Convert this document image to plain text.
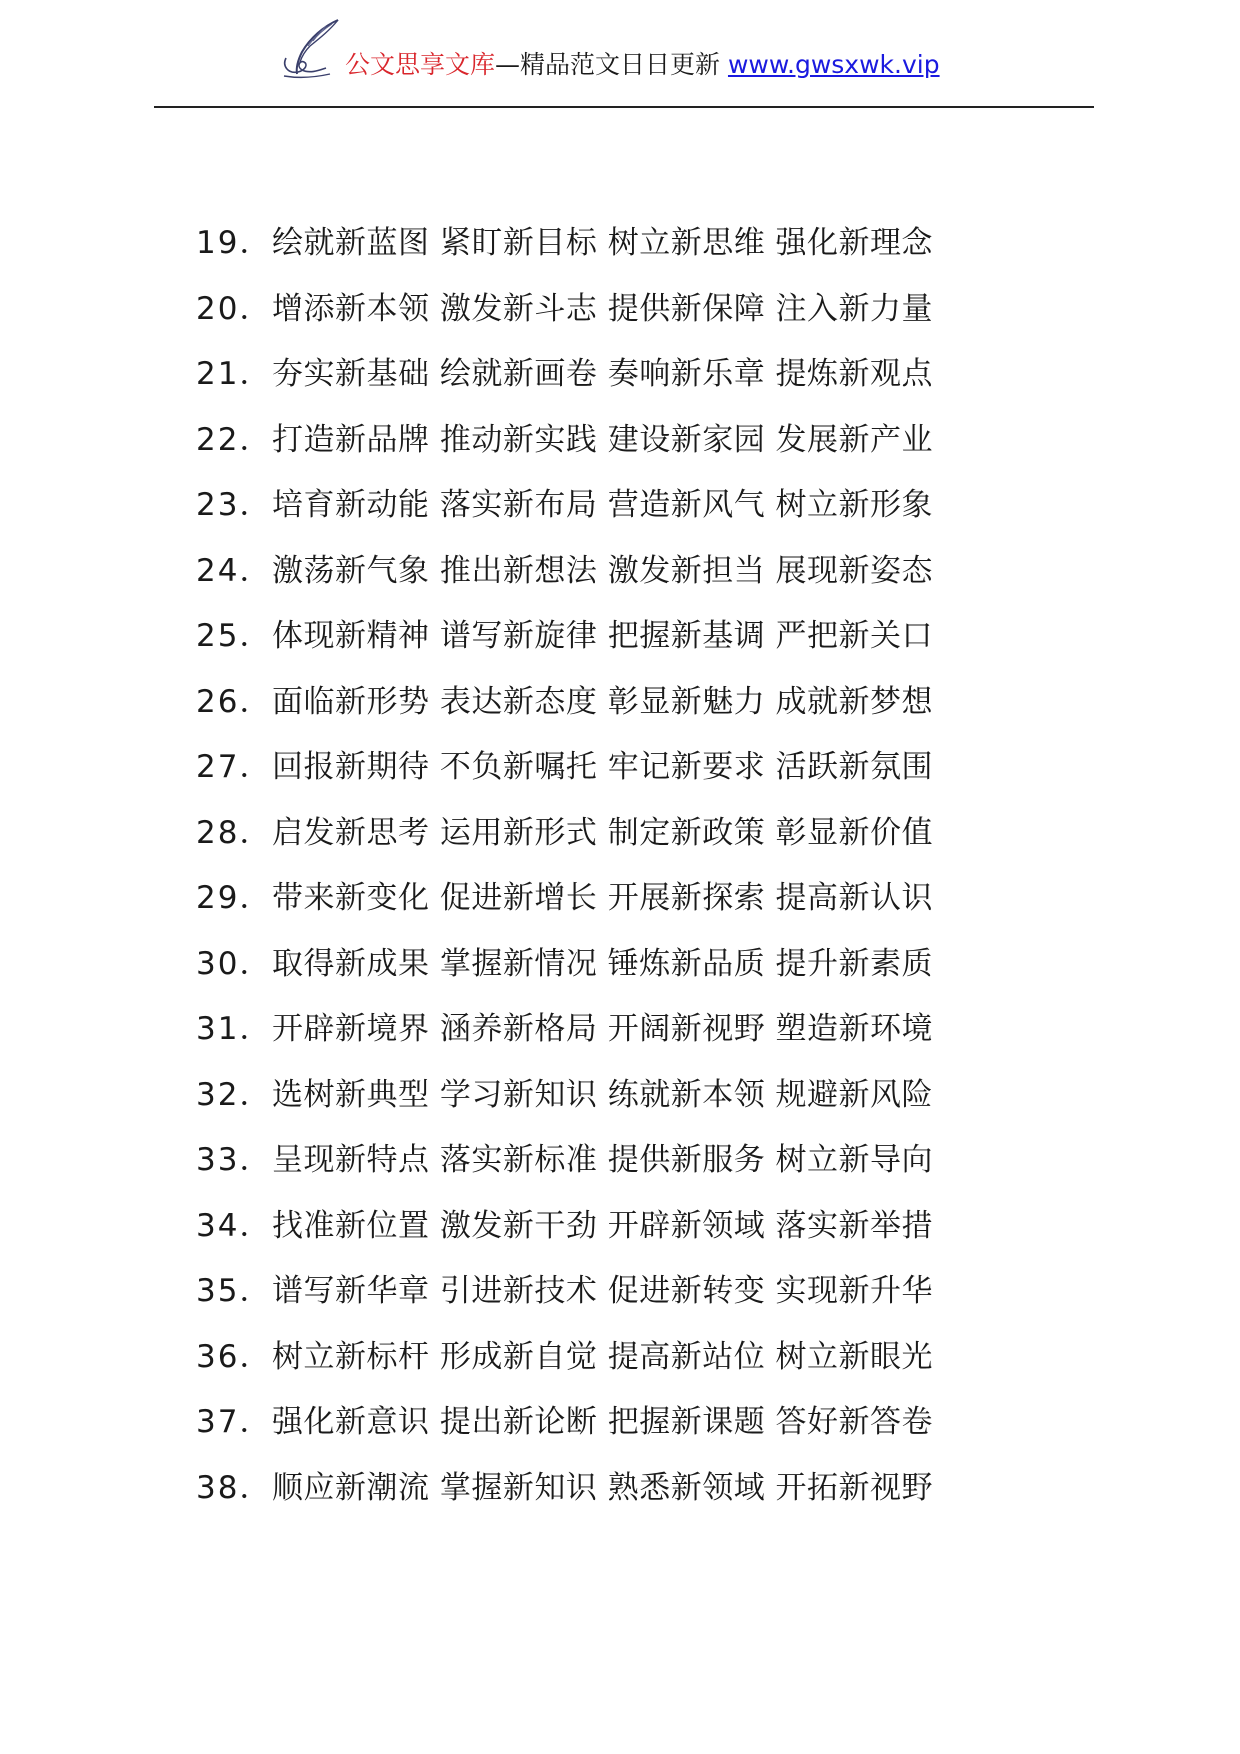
公文思享文库—精品范文日日更新 www.gwsxwk.vip
19． 绘就新蓝图 紧盯新目标 树立新思维 强化新理念
20． 增添新本领 激发新斗志 提供新保障 注入新力量
21． 夯实新基础 绘就新画卷 奏响新乐章 提炼新观点
22． 打造新品牌 推动新实践 建设新家园 发展新产业
23． 培育新动能 落实新布局 营造新风气 树立新形象
24． 激荡新气象 推出新想法 激发新担当 展现新姿态
25． 体现新精神 谱写新旋律 把握新基调 严把新关口
26． 面临新形势 表达新态度 彰显新魅力 成就新梦想
27． 回报新期待 不负新嘱托 牢记新要求 活跃新氛围
28． 启发新思考 运用新形式 制定新政策 彰显新价值
29． 带来新变化 促进新增长 开展新探索 提高新认识
30． 取得新成果 掌握新情况 锤炼新品质 提升新素质
31． 开辟新境界 涵养新格局 开阔新视野 塑造新环境
32． 选树新典型 学习新知识 练就新本领 规避新风险
33． 呈现新特点 落实新标准 提供新服务 树立新导向
34． 找准新位置 激发新干劲 开辟新领域 落实新举措
35． 谱写新华章 引进新技术 促进新转变 实现新升华
36． 树立新标杆 形成新自觉 提高新站位 树立新眼光
37． 强化新意识 提出新论断 把握新课题 答好新答卷
38． 顺应新潮流 掌握新知识 熟悉新领域 开拓新视野
